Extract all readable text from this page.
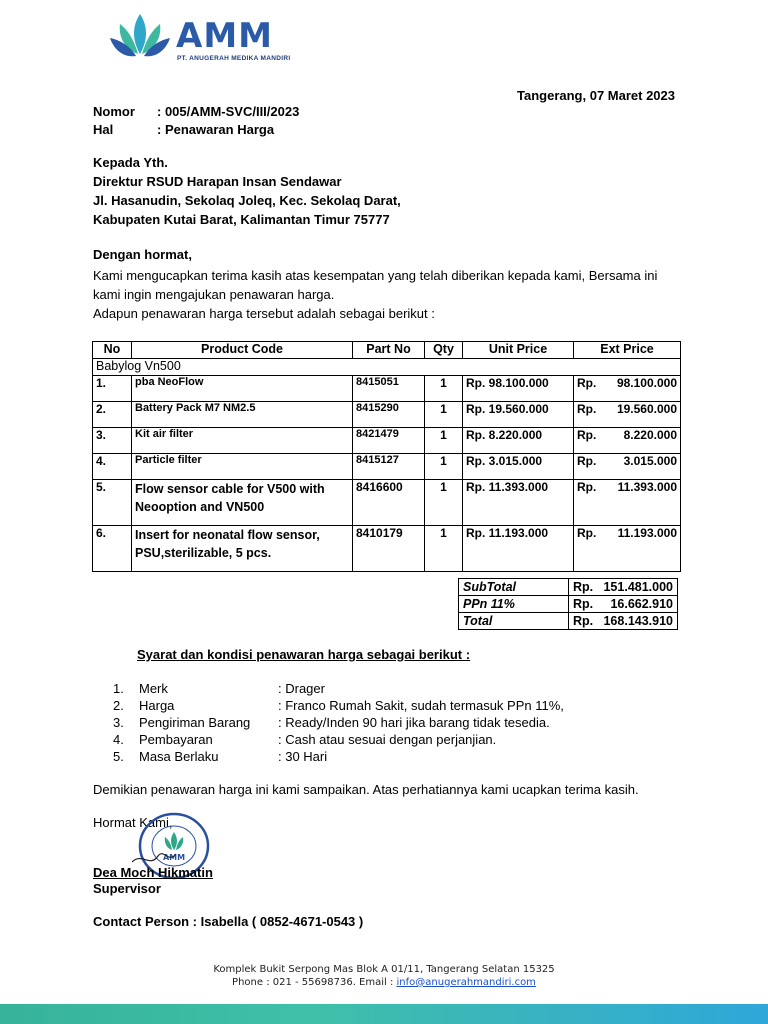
AMM
PT. ANUGERAH MEDIKA MANDIRI
Tangerang, 07 Maret 2023
Nomor : 005/AMM-SVC/III/2023
Hal	: Penawaran Harga
Kepada Yth.
Direktur RSUD Harapan Insan Sendawar
Jl. Hasanudin, Sekolaq Joleq, Kec. Sekolaq Darat,
Kabupaten Kutai Barat, Kalimantan Timur 75777
Dengan hormat,
Kami mengucapkan terima kasih atas kesempatan yang telah diberikan kepada kami, Bersama ini kami ingin mengajukan penawaran harga.
Adapun penawaran harga tersebut adalah sebagai berikut :
No	Product Code	Part No	Qty	Unit Price	Ext Price
Babylog Vn500					
1.	pba NeoFlow	8415051	1	Rp. 98.100.000	Rp. 98.100.000

2.	Battery Pack M7 NM2.5	8415290	1	Rp. 19.560.000	Rp. 19.560.000

3.	Kit air filter	8421479	1	Rp. 8.220.000	Rp. 8.220.000

4.	Particle filter	8415127	1	Rp. 3.015.000	Rp. 3.015.000

5.	Flow sensor cable for V500 with Neooption and VN500	8416600	1	Rp. 11.393.000	Rp. 11.393.000

6.	Insert for neonatal flow sensor, PSU,sterilizable, 5 pcs.	8410179	1	Rp. 11.193.000	Rp. 11.193.000
SubTotal	Rp. 151.481.000

PPn 11%	Rp. 16.662.910

Total	Rp. 168.143.910
Syarat dan kondisi penawaran harga sebagai berikut :
1. Merk	: Drager
2. Harga	: Franco Rumah Sakit, sudah termasuk PPn 11%,
3. Pengiriman Barang : Ready/Inden 90 hari jika barang tidak tesedia.
4. Pembayaran	: Cash atau sesuai dengan perjanjian.
5. Masa Berlaku	: 30 Hari
Demikian penawaran harga ini kami sampaikan. Atas perhatiannya kami ucapkan terima kasih.
Hormat Kami,
AMM
Dea Moch Hikmatin
Supervisor
Contact Person : Isabella ( 0852-4671-0543 )
Komplek Bukit Serpong Mas Blok A 01/11, Tangerang Selatan 15325
Phone : 021 - 55698736. Email : info@anugerahmandiri.com
